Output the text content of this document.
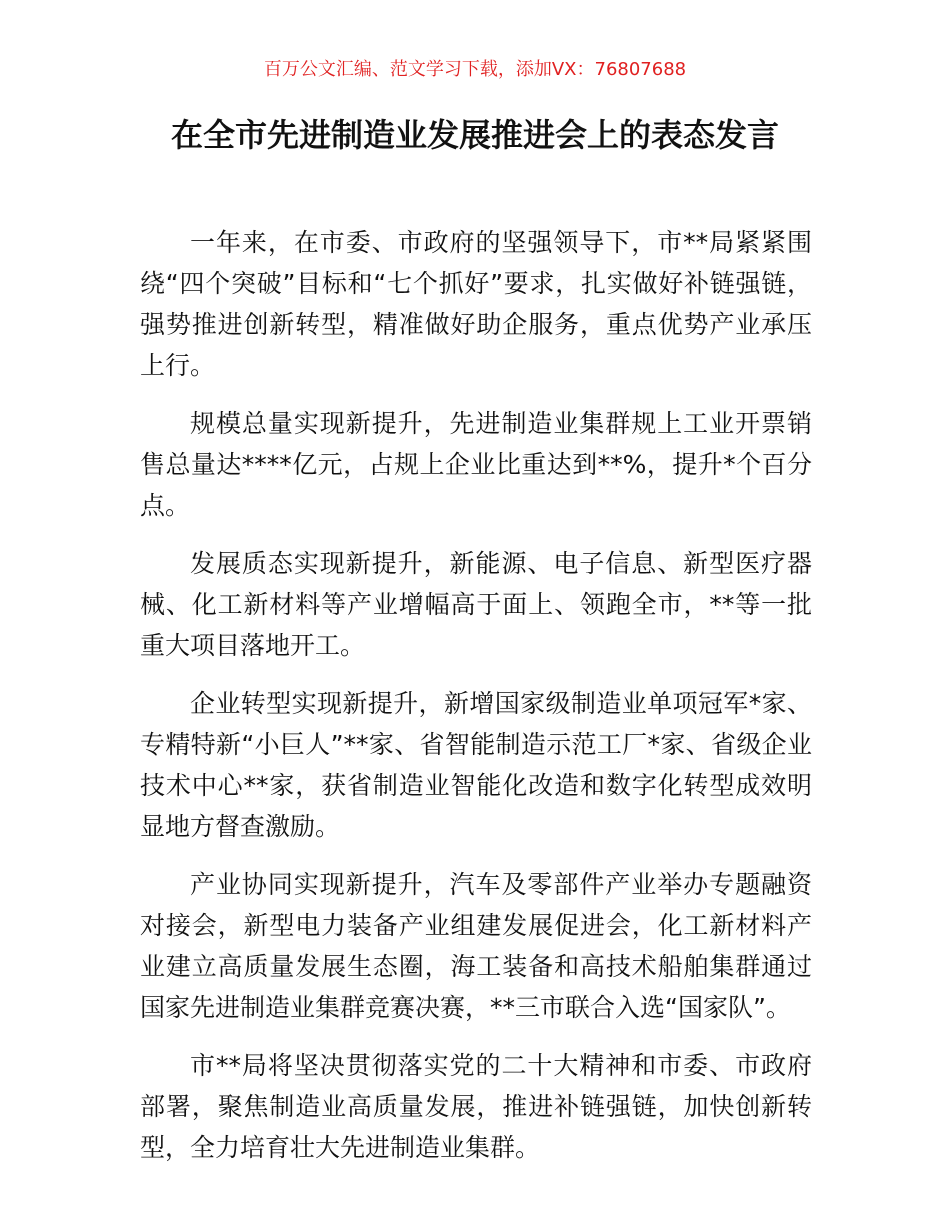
百万公文汇编、范文学习下载，添加VX：76807688
在全市先进制造业发展推进会上的表态发言

一年来，在市委、市政府的坚强领导下，市**局紧紧围绕“四个突破”目标和“七个抓好”要求，扎实做好补链强链，强势推进创新转型，精准做好助企服务，重点优势产业承压上行。

规模总量实现新提升，先进制造业集群规上工业开票销售总量达****亿元，占规上企业比重达到**%，提升*个百分点。

发展质态实现新提升，新能源、电子信息、新型医疗器械、化工新材料等产业增幅高于面上、领跑全市，**等一批重大项目落地开工。

企业转型实现新提升，新增国家级制造业单项冠军*家、专精特新“小巨人”**家、省智能制造示范工厂*家、省级企业技术中心**家，获省制造业智能化改造和数字化转型成效明显地方督查激励。

产业协同实现新提升，汽车及零部件产业举办专题融资对接会，新型电力装备产业组建发展促进会，化工新材料产业建立高质量发展生态圈，海工装备和高技术船舶集群通过国家先进制造业集群竞赛决赛，**三市联合入选“国家队”。

市**局将坚决贯彻落实党的二十大精神和市委、市政府部署，聚焦制造业高质量发展，推进补链强链，加快创新转型，全力培育壮大先进制造业集群。
